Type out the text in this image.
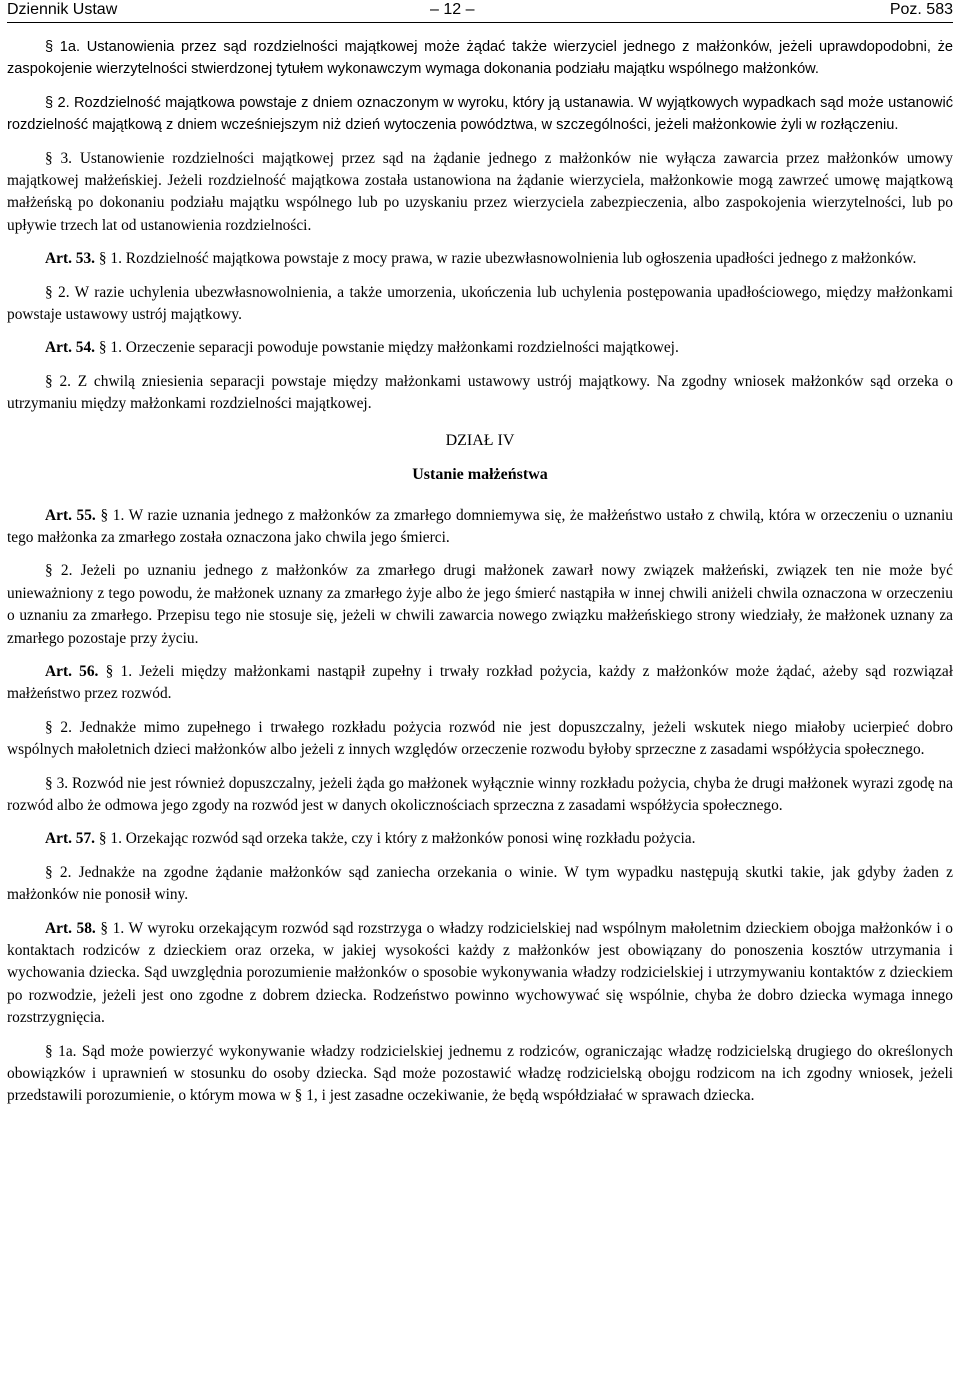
Dziennik Ustaw	– 12 –	Poz. 583

§ 1a. Ustanowienia przez sąd rozdzielności majątkowej może żądać także wierzyciel jednego z małżonków, jeżeli uprawdopodobni, że zaspokojenie wierzytelności stwierdzonej tytułem wykonawczym wymaga dokonania podziału majątku wspólnego małżonków.

§ 2. Rozdzielność majątkowa powstaje z dniem oznaczonym w wyroku, który ją ustanawia. W wyjątkowych wypadkach sąd może ustanowić rozdzielność majątkową z dniem wcześniejszym niż dzień wytoczenia powództwa, w szczególności, jeżeli małżonkowie żyli w rozłączeniu.

§ 3. Ustanowienie rozdzielności majątkowej przez sąd na żądanie jednego z małżonków nie wyłącza zawarcia przez małżonków umowy majątkowej małżeńskiej. Jeżeli rozdzielność majątkowa została ustanowiona na żądanie wierzyciela, małżonkowie mogą zawrzeć umowę majątkową małżeńską po dokonaniu podziału majątku wspólnego lub po uzyskaniu przez wierzyciela zabezpieczenia, albo zaspokojenia wierzytelności, lub po upływie trzech lat od ustanowienia rozdzielności.

Art. 53. § 1. Rozdzielność majątkowa powstaje z mocy prawa, w razie ubezwłasnowolnienia lub ogłoszenia upadłości jednego z małżonków.

§ 2. W razie uchylenia ubezwłasnowolnienia, a także umorzenia, ukończenia lub uchylenia postępowania upadłościowego, między małżonkami powstaje ustawowy ustrój majątkowy.

Art. 54. § 1. Orzeczenie separacji powoduje powstanie między małżonkami rozdzielności majątkowej.

§ 2. Z chwilą zniesienia separacji powstaje między małżonkami ustawowy ustrój majątkowy. Na zgodny wniosek małżonków sąd orzeka o utrzymaniu między małżonkami rozdzielności majątkowej.

DZIAŁ IV
Ustanie małżeństwa

Art. 55. § 1. W razie uznania jednego z małżonków za zmarłego domniemywa się, że małżeństwo ustało z chwilą, która w orzeczeniu o uznaniu tego małżonka za zmarłego została oznaczona jako chwila jego śmierci.

§ 2. Jeżeli po uznaniu jednego z małżonków za zmarłego drugi małżonek zawarł nowy związek małżeński, związek ten nie może być unieważniony z tego powodu, że małżonek uznany za zmarłego żyje albo że jego śmierć nastąpiła w innej chwili aniżeli chwila oznaczona w orzeczeniu o uznaniu za zmarłego. Przepisu tego nie stosuje się, jeżeli w chwili zawarcia nowego związku małżeńskiego strony wiedziały, że małżonek uznany za zmarłego pozostaje przy życiu.

Art. 56. § 1. Jeżeli między małżonkami nastąpił zupełny i trwały rozkład pożycia, każdy z małżonków może żądać, ażeby sąd rozwiązał małżeństwo przez rozwód.

§ 2. Jednakże mimo zupełnego i trwałego rozkładu pożycia rozwód nie jest dopuszczalny, jeżeli wskutek niego miałoby ucierpieć dobro wspólnych małoletnich dzieci małżonków albo jeżeli z innych względów orzeczenie rozwodu byłoby sprzeczne z zasadami współżycia społecznego.

§ 3. Rozwód nie jest również dopuszczalny, jeżeli żąda go małżonek wyłącznie winny rozkładu pożycia, chyba że drugi małżonek wyrazi zgodę na rozwód albo że odmowa jego zgody na rozwód jest w danych okolicznościach sprzeczna z zasadami współżycia społecznego.

Art. 57. § 1. Orzekając rozwód sąd orzeka także, czy i który z małżonków ponosi winę rozkładu pożycia.

§ 2. Jednakże na zgodne żądanie małżonków sąd zaniecha orzekania o winie. W tym wypadku następują skutki takie, jak gdyby żaden z małżonków nie ponosił winy.

Art. 58. § 1. W wyroku orzekającym rozwód sąd rozstrzyga o władzy rodzicielskiej nad wspólnym małoletnim dzieckiem obojga małżonków i o kontaktach rodziców z dzieckiem oraz orzeka, w jakiej wysokości każdy z małżonków jest obowiązany do ponoszenia kosztów utrzymania i wychowania dziecka. Sąd uwzględnia porozumienie małżonków o sposobie wykonywania władzy rodzicielskiej i utrzymywaniu kontaktów z dzieckiem po rozwodzie, jeżeli jest ono zgodne z dobrem dziecka. Rodzeństwo powinno wychowywać się wspólnie, chyba że dobro dziecka wymaga innego rozstrzygnięcia.

§ 1a. Sąd może powierzyć wykonywanie władzy rodzicielskiej jednemu z rodziców, ograniczając władzę rodzicielską drugiego do określonych obowiązków i uprawnień w stosunku do osoby dziecka. Sąd może pozostawić władzę rodzicielską obojgu rodzicom na ich zgodny wniosek, jeżeli przedstawili porozumienie, o którym mowa w § 1, i jest zasadne oczekiwanie, że będą współdziałać w sprawach dziecka.
